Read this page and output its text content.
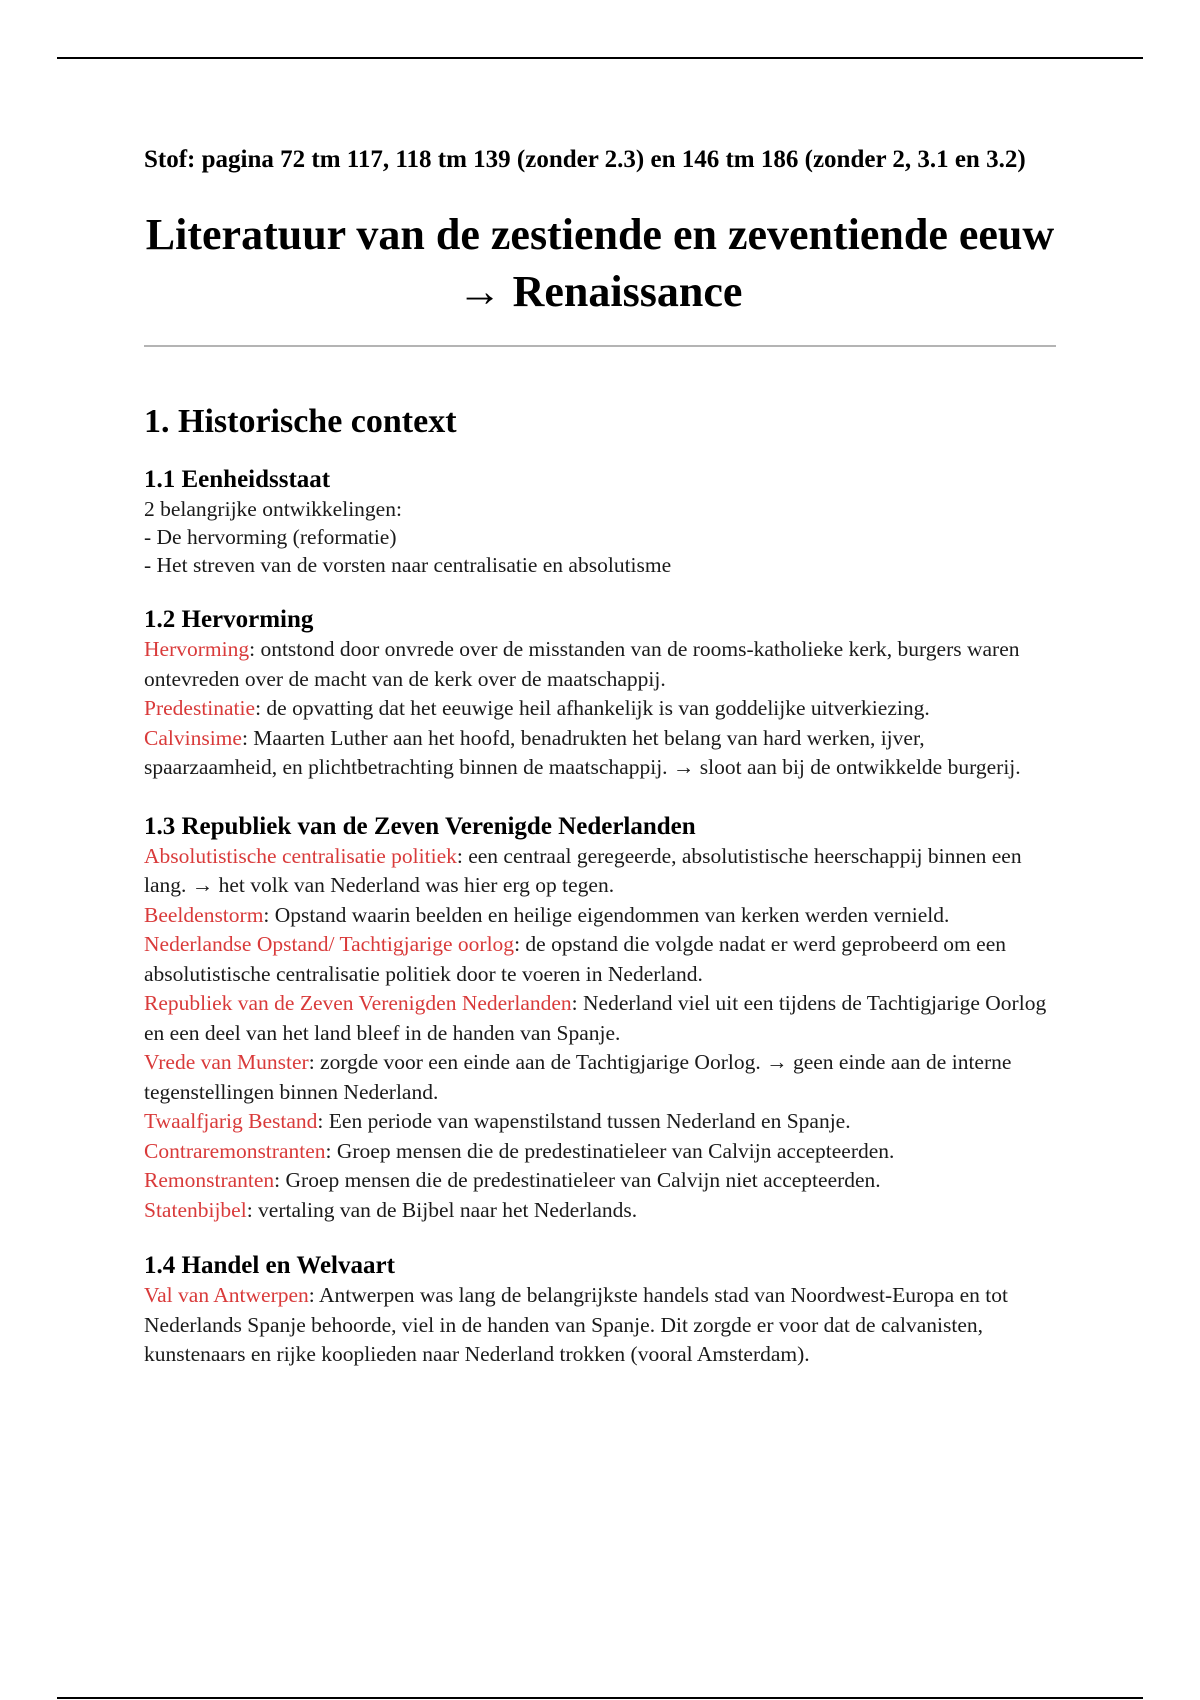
Stof: pagina 72 tm 117, 118 tm 139 (zonder 2.3) en 146 tm 186 (zonder 2, 3.1 en 3.2)

Literatuur van de zestiende en zeventiende eeuw → Renaissance
1. Historische context
1.1 Eenheidsstaat

2 belangrijke ontwikkelingen:

- De hervorming (reformatie)

- Het streven van de vorsten naar centralisatie en absolutisme

1.2 Hervorming

Hervorming: ontstond door onvrede over de misstanden van de rooms-katholieke kerk, burgers waren ontevreden over de macht van de kerk over de maatschappij.

Predestinatie: de opvatting dat het eeuwige heil afhankelijk is van goddelijke uitverkiezing.

Calvinsime: Maarten Luther aan het hoofd, benadrukten het belang van hard werken, ijver, spaarzaamheid, en plichtbetrachting binnen de maatschappij. → sloot aan bij de ontwikkelde burgerij.

1.3 Republiek van de Zeven Verenigde Nederlanden

Absolutistische centralisatie politiek: een centraal geregeerde, absolutistische heerschappij binnen een lang. → het volk van Nederland was hier erg op tegen.

Beeldenstorm: Opstand waarin beelden en heilige eigendommen van kerken werden vernield.

Nederlandse Opstand/ Tachtigjarige oorlog: de opstand die volgde nadat er werd geprobeerd om een absolutistische centralisatie politiek door te voeren in Nederland.

Republiek van de Zeven Verenigden Nederlanden: Nederland viel uit een tijdens de Tachtigjarige Oorlog en een deel van het land bleef in de handen van Spanje.

Vrede van Munster: zorgde voor een einde aan de Tachtigjarige Oorlog. → geen einde aan de interne tegenstellingen binnen Nederland.

Twaalfjarig Bestand: Een periode van wapenstilstand tussen Nederland en Spanje.

Contraremonstranten: Groep mensen die de predestinatieleer van Calvijn accepteerden.

Remonstranten: Groep mensen die de predestinatieleer van Calvijn niet accepteerden.

Statenbijbel: vertaling van de Bijbel naar het Nederlands.

1.4 Handel en Welvaart

Val van Antwerpen: Antwerpen was lang de belangrijkste handels stad van Noordwest-Europa en tot Nederlands Spanje behoorde, viel in de handen van Spanje. Dit zorgde er voor dat de calvanisten, kunstenaars en rijke kooplieden naar Nederland trokken (vooral Amsterdam).
